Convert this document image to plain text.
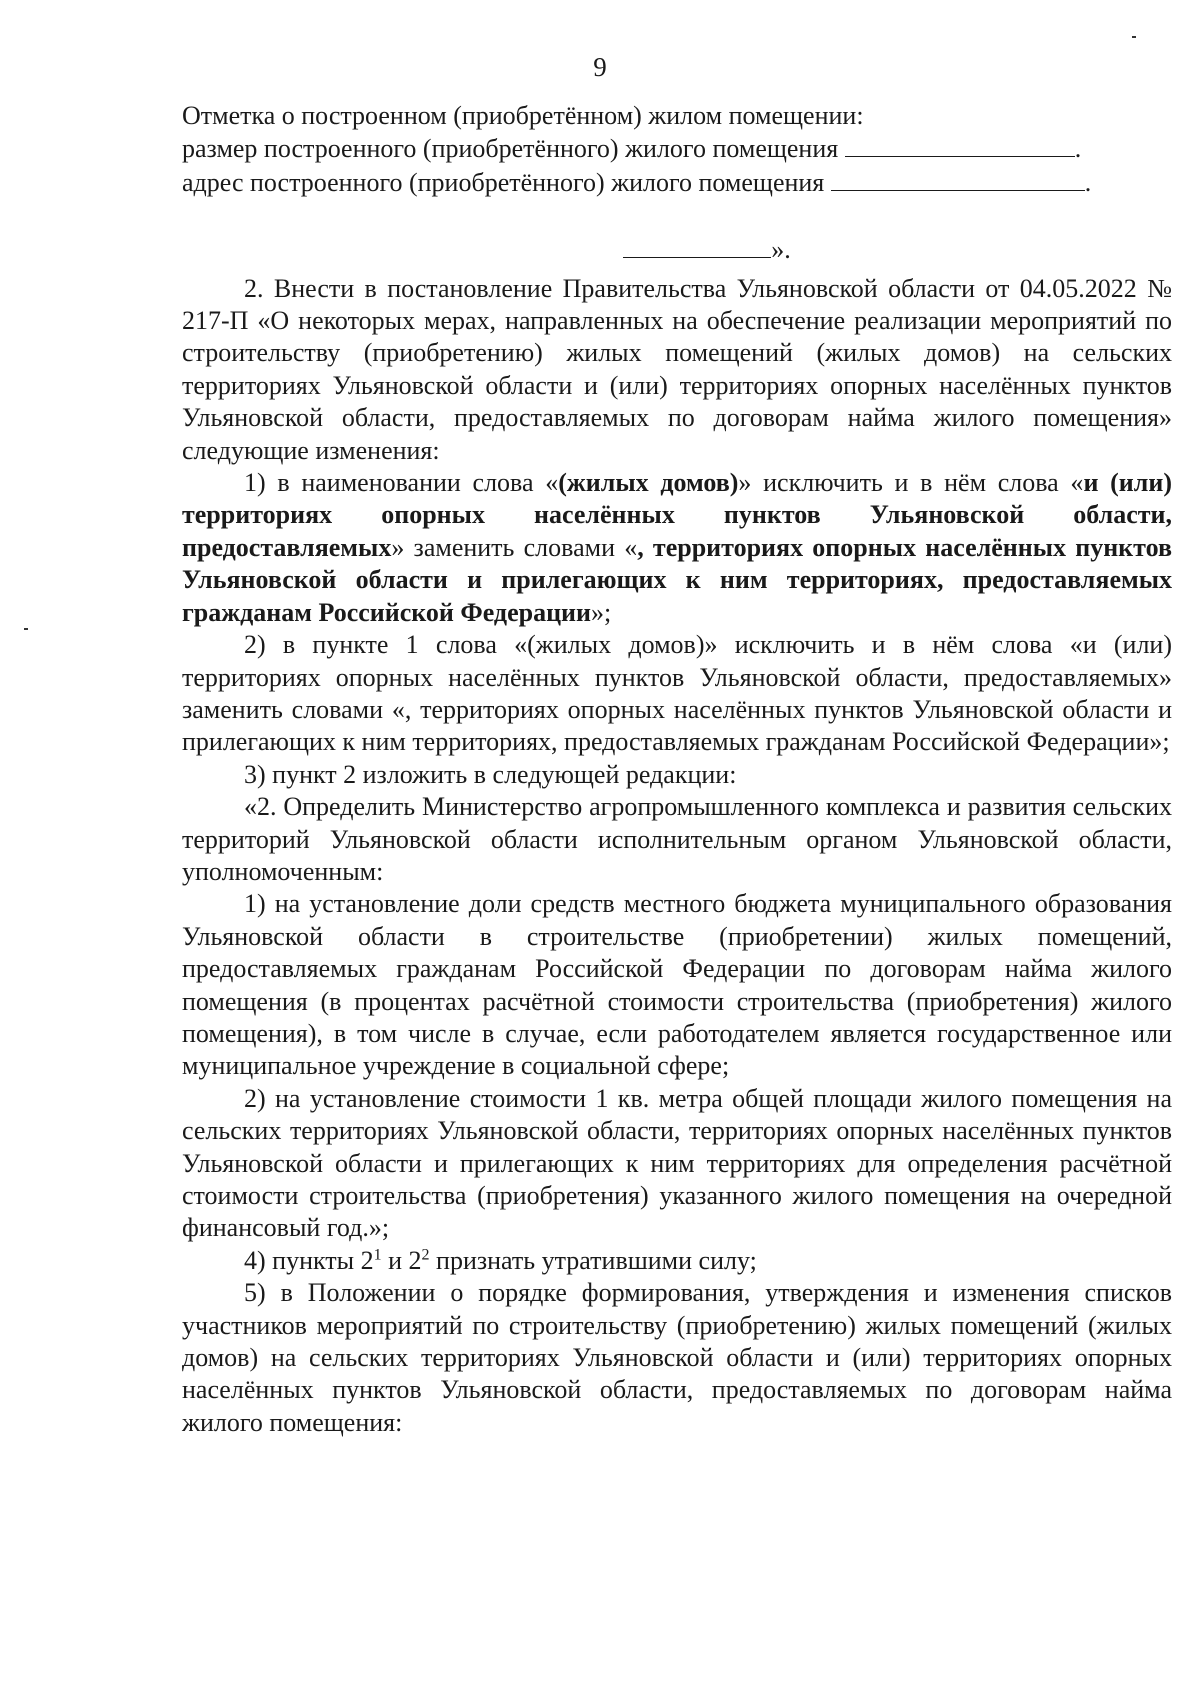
9
Отметка о построенном (приобретённом) жилом помещении:
размер построенного (приобретённого) жилого помещения	.
адрес построенного (приобретённого) жилого помещения	.
».

2. Внести в постановление Правительства Ульяновской области от 04.05.2022 № 217-П «О некоторых мерах, направленных на обеспечение реализации мероприятий по строительству (приобретению) жилых помещений (жилых домов) на сельских территориях Ульяновской области и (или) территориях опорных населённых пунктов Ульяновской области, предоставляемых по договорам найма жилого помещения» следующие изменения:

1) в наименовании слова «(жилых домов)» исключить и в нём слова «и (или) территориях опорных населённых пунктов Ульяновской области, предоставляемых» заменить словами «, территориях опорных населённых пунктов Ульяновской области и прилегающих к ним территориях, предоставляемых гражданам Российской Федерации»;

2) в пункте 1 слова «(жилых домов)» исключить и в нём слова «и (или) территориях опорных населённых пунктов Ульяновской области, предоставляемых» заменить словами «, территориях опорных населённых пунктов Ульяновской области и прилегающих к ним территориях, предоставляемых гражданам Российской Федерации»;

3) пункт 2 изложить в следующей редакции:

«2. Определить Министерство агропромышленного комплекса и развития сельских территорий Ульяновской области исполнительным органом Ульяновской области, уполномоченным:

1) на установление доли средств местного бюджета муниципального образования Ульяновской области в строительстве (приобретении) жилых помещений, предоставляемых гражданам Российской Федерации по договорам найма жилого помещения (в процентах расчётной стоимости строительства (приобретения) жилого помещения), в том числе в случае, если работодателем является государственное или муниципальное учреждение в социальной сфере;

2) на установление стоимости 1 кв. метра общей площади жилого помещения на сельских территориях Ульяновской области, территориях опорных населённых пунктов Ульяновской области и прилегающих к ним территориях для определения расчётной стоимости строительства (приобретения) указанного жилого помещения на очередной финансовый год.»;

4) пункты $2^1$ и $2^2$ признать утратившими силу;

5) в Положении о порядке формирования, утверждения и изменения списков участников мероприятий по строительству (приобретению) жилых помещений (жилых домов) на сельских территориях Ульяновской области и (или) территориях опорных населённых пунктов Ульяновской области, предоставляемых по договорам найма жилого помещения:
